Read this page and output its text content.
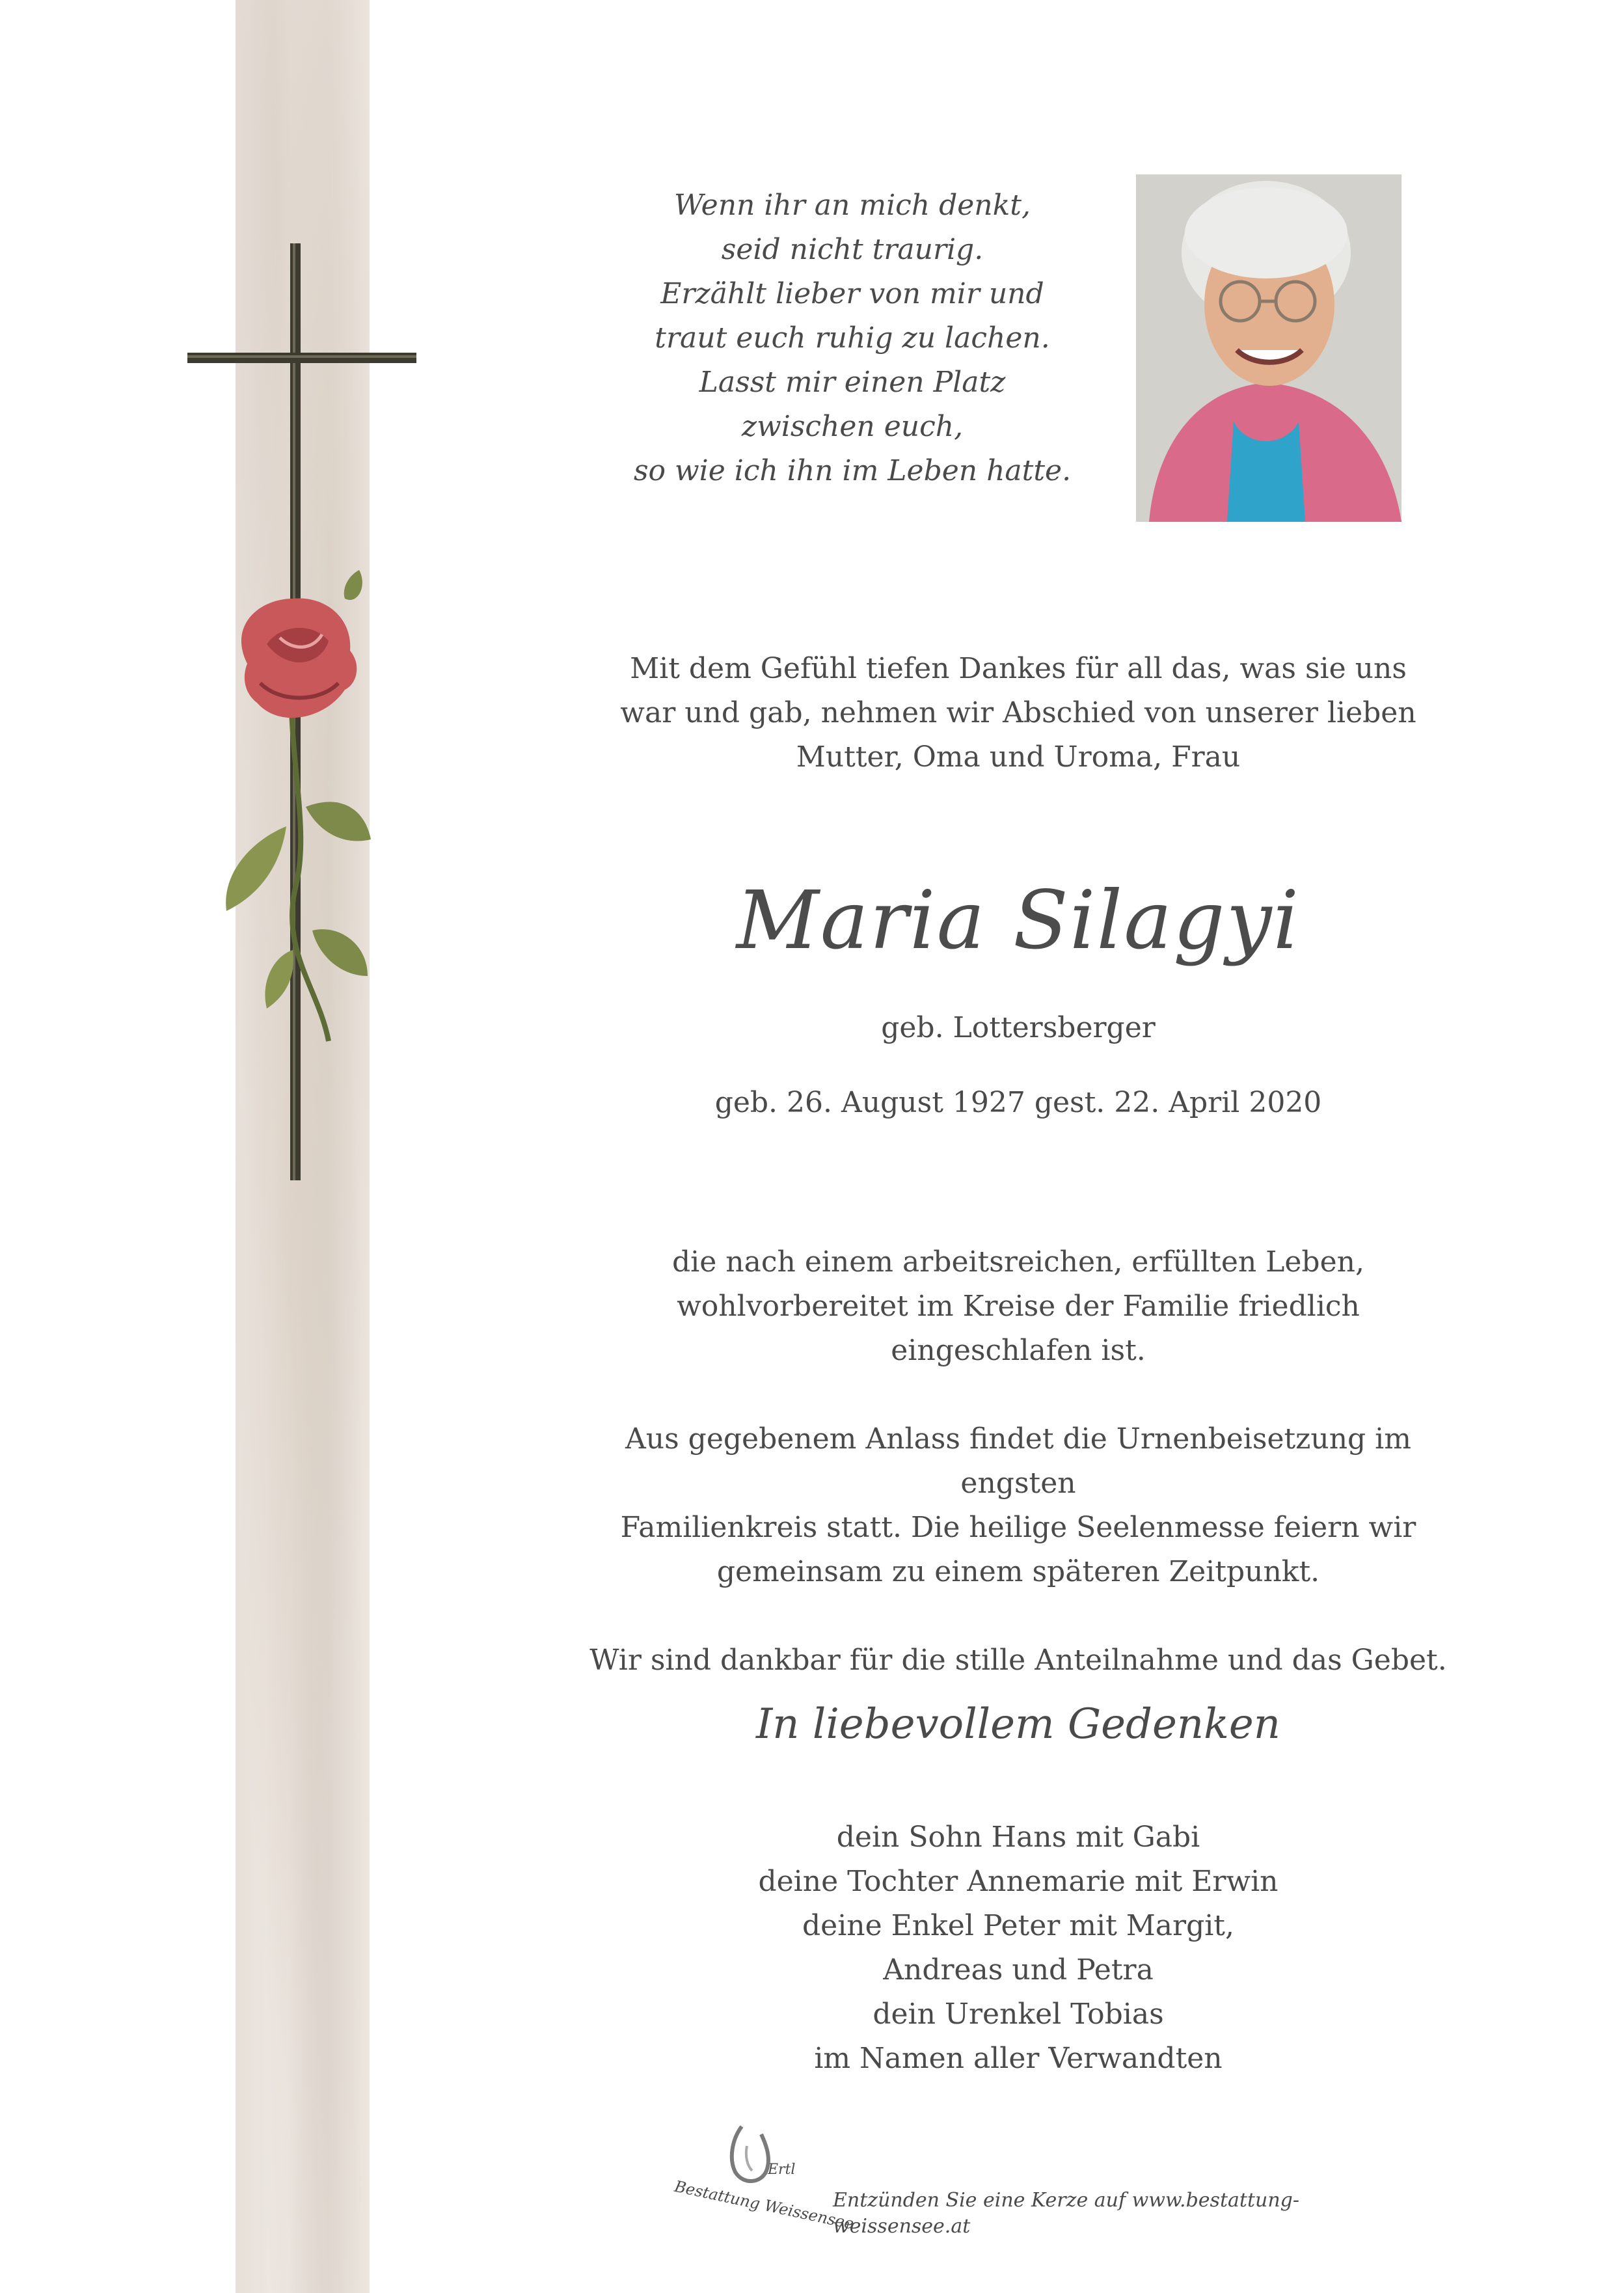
Wenn ihr an mich denkt,
seid nicht traurig.
Erzählt lieber von mir und
traut euch ruhig zu lachen.
Lasst mir einen Platz
zwischen euch,
so wie ich ihn im Leben hatte.
Mit dem Gefühl tiefen Dankes für all das, was sie uns
war und gab, nehmen wir Abschied von unserer lieben
Mutter, Oma und Uroma, Frau
Maria Silagyi
geb. Lottersberger
geb. 26. August 1927 gest. 22. April 2020

die nach einem arbeitsreichen, erfüllten Leben,
wohlvorbereitet im Kreise der Familie friedlich eingeschlafen ist.

Aus gegebenem Anlass findet die Urnenbeisetzung im engsten
Familienkreis statt. Die heilige Seelenmesse feiern wir
gemeinsam zu einem späteren Zeitpunkt.

Wir sind dankbar für die stille Anteilnahme und das Gebet.

In liebevollem Gedenken
dein Sohn Hans mit Gabi
deine Tochter Annemarie mit Erwin
deine Enkel Peter mit Margit,
Andreas und Petra
dein Urenkel Tobias
im Namen aller Verwandten
Ertl
Bestattung Weissensee
Entzünden Sie eine Kerze auf www.bestattung-weissensee.at
